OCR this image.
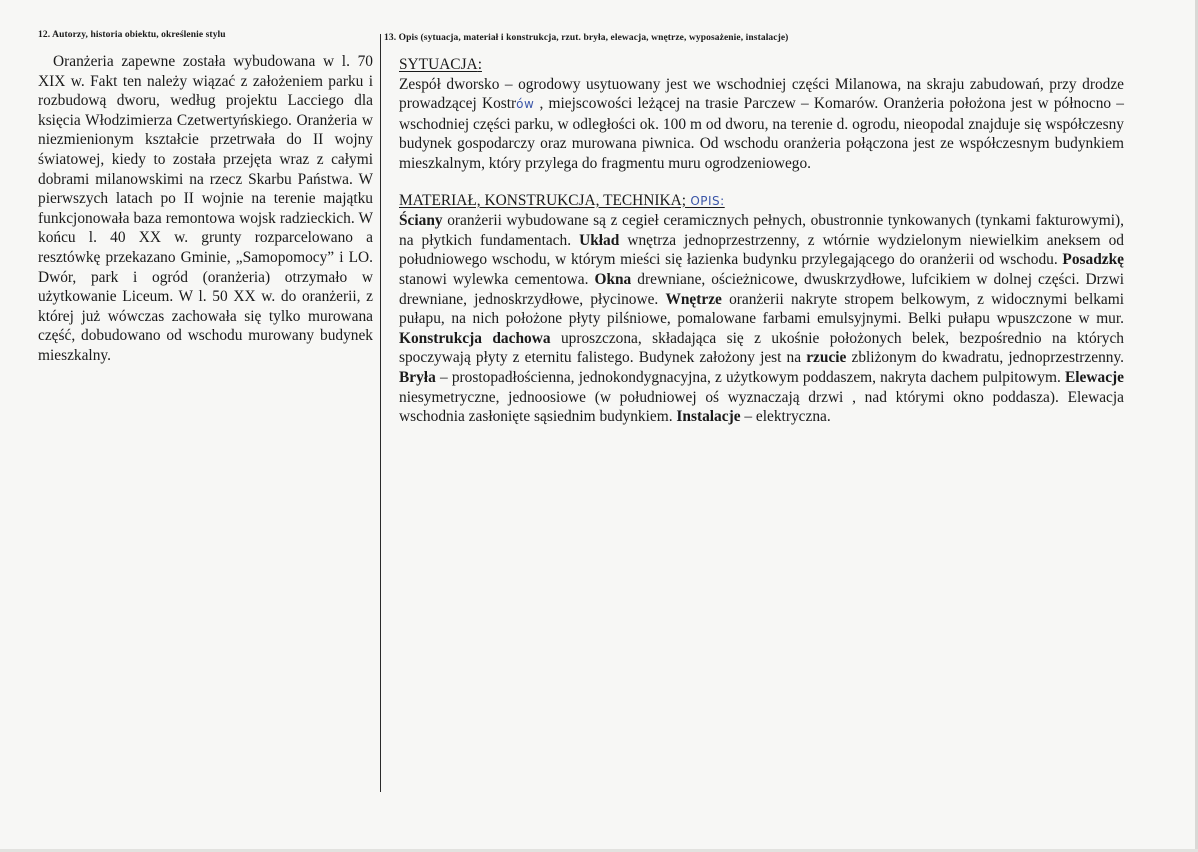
12. Autorzy, historia obiektu, określenie stylu

Oranżeria zapewne została wybudowana w l. 70 XIX w. Fakt ten należy wiązać z założeniem parku i rozbudową dworu, według projektu Lacciego dla księcia Włodzimierza Czetwertyńskiego. Oranżeria w niezmienionym kształcie przetrwała do II wojny światowej, kiedy to została przejęta wraz z całymi dobrami milanowskimi na rzecz Skarbu Państwa. W pierwszych latach po II wojnie na terenie majątku funkcjonowała baza remontowa wojsk radzieckich. W końcu l. 40 XX w. grunty rozparcelowano a resztówkę przekazano Gminie, „Samopomocy” i LO. Dwór, park i ogród (oranżeria) otrzymało w użytkowanie Liceum. W l. 50 XX w. do oranżerii, z której już wówczas zachowała się tylko murowana część, dobudowano od wschodu murowany budynek mieszkalny.

13. Opis (sytuacja, materiał i konstrukcja, rzut. bryła, elewacja, wnętrze, wyposażenie, instalacje)

SYTUACJA:

Zespół dworsko – ogrodowy usytuowany jest we wschodniej części Milanowa, na skraju zabudowań, przy drodze prowadzącej Kostrów , miejscowości leżącej na trasie Parczew – Komarów. Oranżeria położona jest w północno – wschodniej części parku, w odległości ok. 100 m od dworu, na terenie d. ogrodu, nieopodal znajduje się współczesny budynek gospodarczy oraz murowana piwnica. Od wschodu oranżeria połączona jest ze współczesnym budynkiem mieszkalnym, który przylega do fragmentu muru ogrodzeniowego.

MATERIAŁ, KONSTRUKCJA, TECHNIKA; OPIS:

Ściany oranżerii wybudowane są z cegieł ceramicznych pełnych, obustronnie tynkowanych (tynkami fakturowymi), na płytkich fundamentach. Układ wnętrza jednoprzestrzenny, z wtórnie wydzielonym niewielkim aneksem od południowego wschodu, w którym mieści się łazienka budynku przylegającego do oranżerii od wschodu. Posadzkę stanowi wylewka cementowa. Okna drewniane, ościeżnicowe, dwuskrzydłowe, lufcikiem w dolnej części. Drzwi drewniane, jednoskrzydłowe, płycinowe. Wnętrze oranżerii nakryte stropem belkowym, z widocznymi belkami pułapu, na nich położone płyty pilśniowe, pomalowane farbami emulsyjnymi. Belki pułapu wpuszczone w mur. Konstrukcja dachowa uproszczona, składająca się z ukośnie położonych belek, bezpośrednio na których spoczywają płyty z eternitu falistego. Budynek założony jest na rzucie zbliżonym do kwadratu, jednoprzestrzenny. Bryła – prostopadłościenna, jednokondygnacyjna, z użytkowym poddaszem, nakryta dachem pulpitowym. Elewacje niesymetryczne, jednoosiowe (w południowej oś wyznaczają drzwi , nad którymi okno poddasza). Elewacja wschodnia zasłonięte sąsiednim budynkiem. Instalacje – elektryczna.
